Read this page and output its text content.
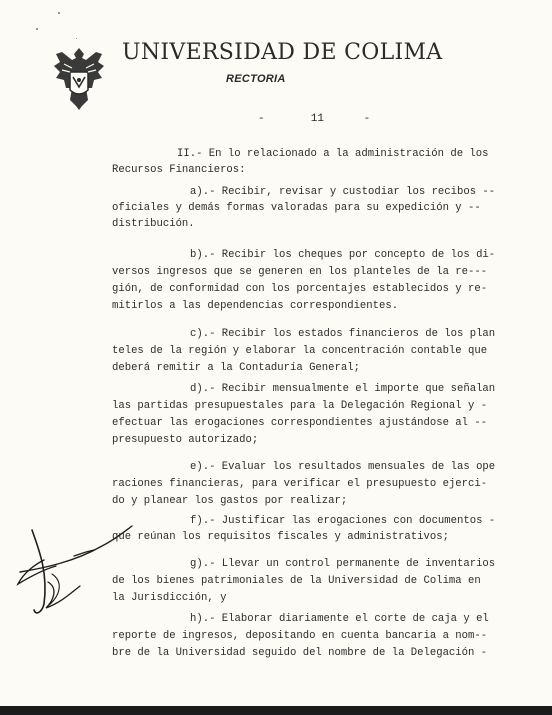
UNIVERSIDAD DE COLIMA
RECTORIA
-       11      -
II.- En lo relacionado a la administración de los
Recursos Financieros:
a).- Recibir, revisar y custodiar los recibos --
oficiales y demás formas valoradas para su expedición y --
distribución.
b).- Recibir los cheques por concepto de los di-
versos ingresos que se generen en los planteles de la re---
gión, de conformidad con los porcentajes establecidos y re-
mitirlos a las dependencias correspondientes.
c).- Recibir los estados financieros de los plan
teles de la región y elaborar la concentración contable que
deberá remitir a la Contaduría General;
d).- Recibir mensualmente el importe que señalan
las partidas presupuestales para la Delegación Regional y -
efectuar las erogaciones correspondientes ajustándose al --
presupuesto autorizado;
e).- Evaluar los resultados mensuales de las ope
raciones financieras, para verificar el presupuesto ejerci-
do y planear los gastos por realizar;
f).- Justificar las erogaciones con documentos -
que reúnan los requisitos fiscales y administrativos;
g).- Llevar un control permanente de inventarios
de los bienes patrimoniales de la Universidad de Colima en
la Jurisdicción, y
h).- Elaborar diariamente el corte de caja y el
reporte de ingresos, depositando en cuenta bancaria a nom--
bre de la Universidad seguido del nombre de la Delegación -
